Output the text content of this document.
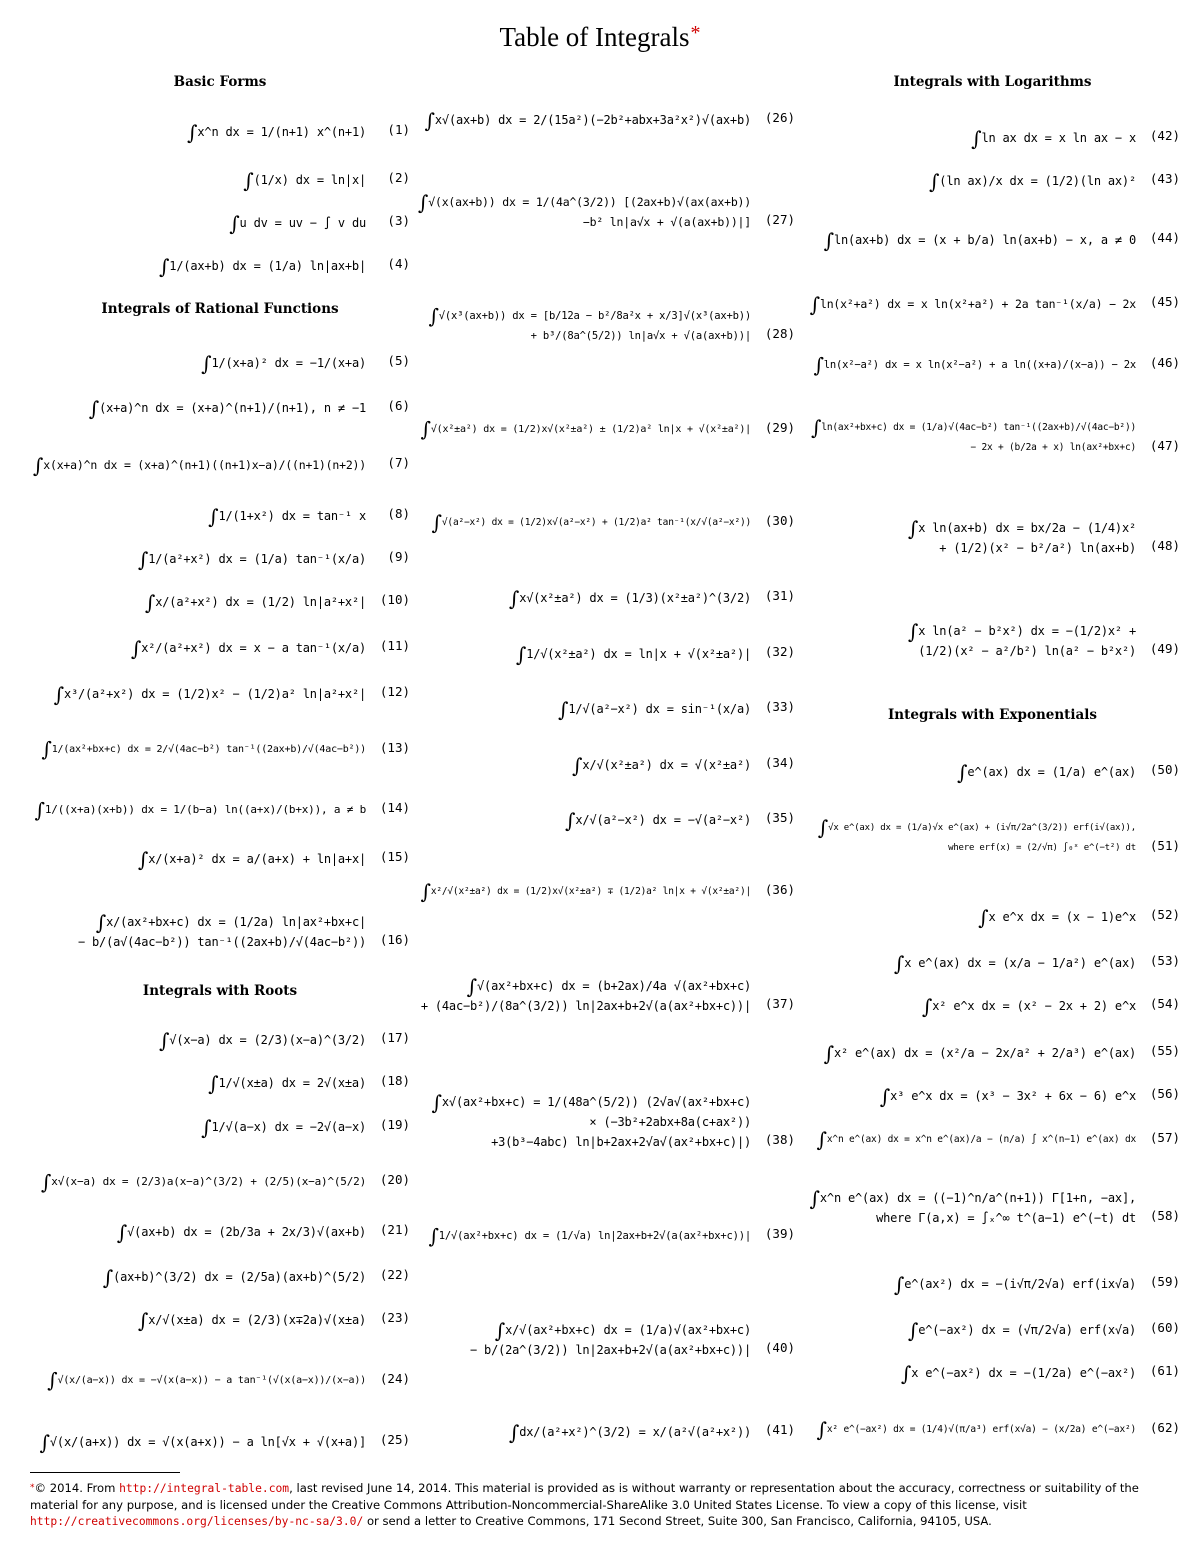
Table of Integrals*
Basic Forms
∫x^n dx = 1/(n+1) x^(n+1)	(1)
∫(1/x) dx = ln|x|	(2)
∫u dv = uv − ∫ v du	(3)
∫1/(ax+b) dx = (1/a) ln|ax+b|	(4)
Integrals of Rational Functions
∫1/(x+a)² dx = −1/(x+a)	(5)
∫(x+a)^n dx = (x+a)^(n+1)/(n+1), n ≠ −1	(6)
∫x(x+a)^n dx = (x+a)^(n+1)((n+1)x−a)/((n+1)(n+2))	(7)
∫1/(1+x²) dx = tan⁻¹ x	(8)
∫1/(a²+x²) dx = (1/a) tan⁻¹(x/a)	(9)
∫x/(a²+x²) dx = (1/2) ln|a²+x²|	(10)
∫x²/(a²+x²) dx = x − a tan⁻¹(x/a)	(11)
∫x³/(a²+x²) dx = (1/2)x² − (1/2)a² ln|a²+x²|	(12)
∫1/(ax²+bx+c) dx = 2/√(4ac−b²) tan⁻¹((2ax+b)/√(4ac−b²))	(13)
∫1/((x+a)(x+b)) dx = 1/(b−a) ln((a+x)/(b+x)), a ≠ b	(14)
∫x/(x+a)² dx = a/(a+x) + ln|a+x|	(15)
∫x/(ax²+bx+c) dx = (1/2a) ln|ax²+bx+c|
− b/(a√(4ac−b²)) tan⁻¹((2ax+b)/√(4ac−b²))	(16)
Integrals with Roots
∫√(x−a) dx = (2/3)(x−a)^(3/2)	(17)
∫1/√(x±a) dx = 2√(x±a)	(18)
∫1/√(a−x) dx = −2√(a−x)	(19)
∫x√(x−a) dx = (2/3)a(x−a)^(3/2) + (2/5)(x−a)^(5/2)	(20)
∫√(ax+b) dx = (2b/3a + 2x/3)√(ax+b)	(21)
∫(ax+b)^(3/2) dx = (2/5a)(ax+b)^(5/2)	(22)
∫x/√(x±a) dx = (2/3)(x∓2a)√(x±a)	(23)
∫√(x/(a−x)) dx = −√(x(a−x)) − a tan⁻¹(√(x(a−x))/(x−a))	(24)
∫√(x/(a+x)) dx = √(x(a+x)) − a ln[√x + √(x+a)]	(25)
∫x√(ax+b) dx = 2/(15a²)(−2b²+abx+3a²x²)√(ax+b)	(26)
∫√(x(ax+b)) dx = 1/(4a^(3/2)) [(2ax+b)√(ax(ax+b))
−b² ln|a√x + √(a(ax+b))|]	(27)
∫√(x³(ax+b)) dx = [b/12a − b²/8a²x + x/3]√(x³(ax+b))
+ b³/(8a^(5/2)) ln|a√x + √(a(ax+b))|	(28)
∫√(x²±a²) dx = (1/2)x√(x²±a²) ± (1/2)a² ln|x + √(x²±a²)|	(29)
∫√(a²−x²) dx = (1/2)x√(a²−x²) + (1/2)a² tan⁻¹(x/√(a²−x²))	(30)
∫x√(x²±a²) dx = (1/3)(x²±a²)^(3/2)	(31)
∫1/√(x²±a²) dx = ln|x + √(x²±a²)|	(32)
∫1/√(a²−x²) dx = sin⁻¹(x/a)	(33)
∫x/√(x²±a²) dx = √(x²±a²)	(34)
∫x/√(a²−x²) dx = −√(a²−x²)	(35)
∫x²/√(x²±a²) dx = (1/2)x√(x²±a²) ∓ (1/2)a² ln|x + √(x²±a²)|	(36)
∫√(ax²+bx+c) dx = (b+2ax)/4a √(ax²+bx+c)
+ (4ac−b²)/(8a^(3/2)) ln|2ax+b+2√(a(ax²+bx+c))|	(37)
∫x√(ax²+bx+c) = 1/(48a^(5/2)) (2√a√(ax²+bx+c)
× (−3b²+2abx+8a(c+ax²))
+3(b³−4abc) ln|b+2ax+2√a√(ax²+bx+c)|)	(38)
∫1/√(ax²+bx+c) dx = (1/√a) ln|2ax+b+2√(a(ax²+bx+c))|	(39)
∫x/√(ax²+bx+c) dx = (1/a)√(ax²+bx+c)
− b/(2a^(3/2)) ln|2ax+b+2√(a(ax²+bx+c))|	(40)
∫dx/(a²+x²)^(3/2) = x/(a²√(a²+x²))	(41)
Integrals with Logarithms
∫ln ax dx = x ln ax − x	(42)
∫(ln ax)/x dx = (1/2)(ln ax)²	(43)
∫ln(ax+b) dx = (x + b/a) ln(ax+b) − x, a ≠ 0	(44)
∫ln(x²+a²) dx = x ln(x²+a²) + 2a tan⁻¹(x/a) − 2x	(45)
∫ln(x²−a²) dx = x ln(x²−a²) + a ln((x+a)/(x−a)) − 2x	(46)
∫ln(ax²+bx+c) dx = (1/a)√(4ac−b²) tan⁻¹((2ax+b)/√(4ac−b²))
− 2x + (b/2a + x) ln(ax²+bx+c)	(47)
∫x ln(ax+b) dx = bx/2a − (1/4)x²
+ (1/2)(x² − b²/a²) ln(ax+b)	(48)
∫x ln(a² − b²x²) dx = −(1/2)x² +
(1/2)(x² − a²/b²) ln(a² − b²x²)	(49)
Integrals with Exponentials
∫e^(ax) dx = (1/a) e^(ax)	(50)
∫√x e^(ax) dx = (1/a)√x e^(ax) + (i√π/2a^(3/2)) erf(i√(ax)),
where erf(x) = (2/√π) ∫₀ˣ e^(−t²) dt	(51)
∫x e^x dx = (x − 1)e^x	(52)
∫x e^(ax) dx = (x/a − 1/a²) e^(ax)	(53)
∫x² e^x dx = (x² − 2x + 2) e^x	(54)
∫x² e^(ax) dx = (x²/a − 2x/a² + 2/a³) e^(ax)	(55)
∫x³ e^x dx = (x³ − 3x² + 6x − 6) e^x	(56)
∫x^n e^(ax) dx = x^n e^(ax)/a − (n/a) ∫ x^(n−1) e^(ax) dx	(57)
∫x^n e^(ax) dx = ((−1)^n/a^(n+1)) Γ[1+n, −ax],
where Γ(a,x) = ∫ₓ^∞ t^(a−1) e^(−t) dt	(58)
∫e^(ax²) dx = −(i√π/2√a) erf(ix√a)	(59)
∫e^(−ax²) dx = (√π/2√a) erf(x√a)	(60)
∫x e^(−ax²) dx = −(1/2a) e^(−ax²)	(61)
∫x² e^(−ax²) dx = (1/4)√(π/a³) erf(x√a) − (x/2a) e^(−ax²)	(62)
*© 2014. From http://integral-table.com, last revised June 14, 2014. This material is provided as is without warranty or representation about the accuracy, correctness or suitability of the material for any purpose, and is licensed under the Creative Commons Attribution-Noncommercial-ShareAlike 3.0 United States License. To view a copy of this license, visit http://creativecommons.org/licenses/by-nc-sa/3.0/ or send a letter to Creative Commons, 171 Second Street, Suite 300, San Francisco, California, 94105, USA.
